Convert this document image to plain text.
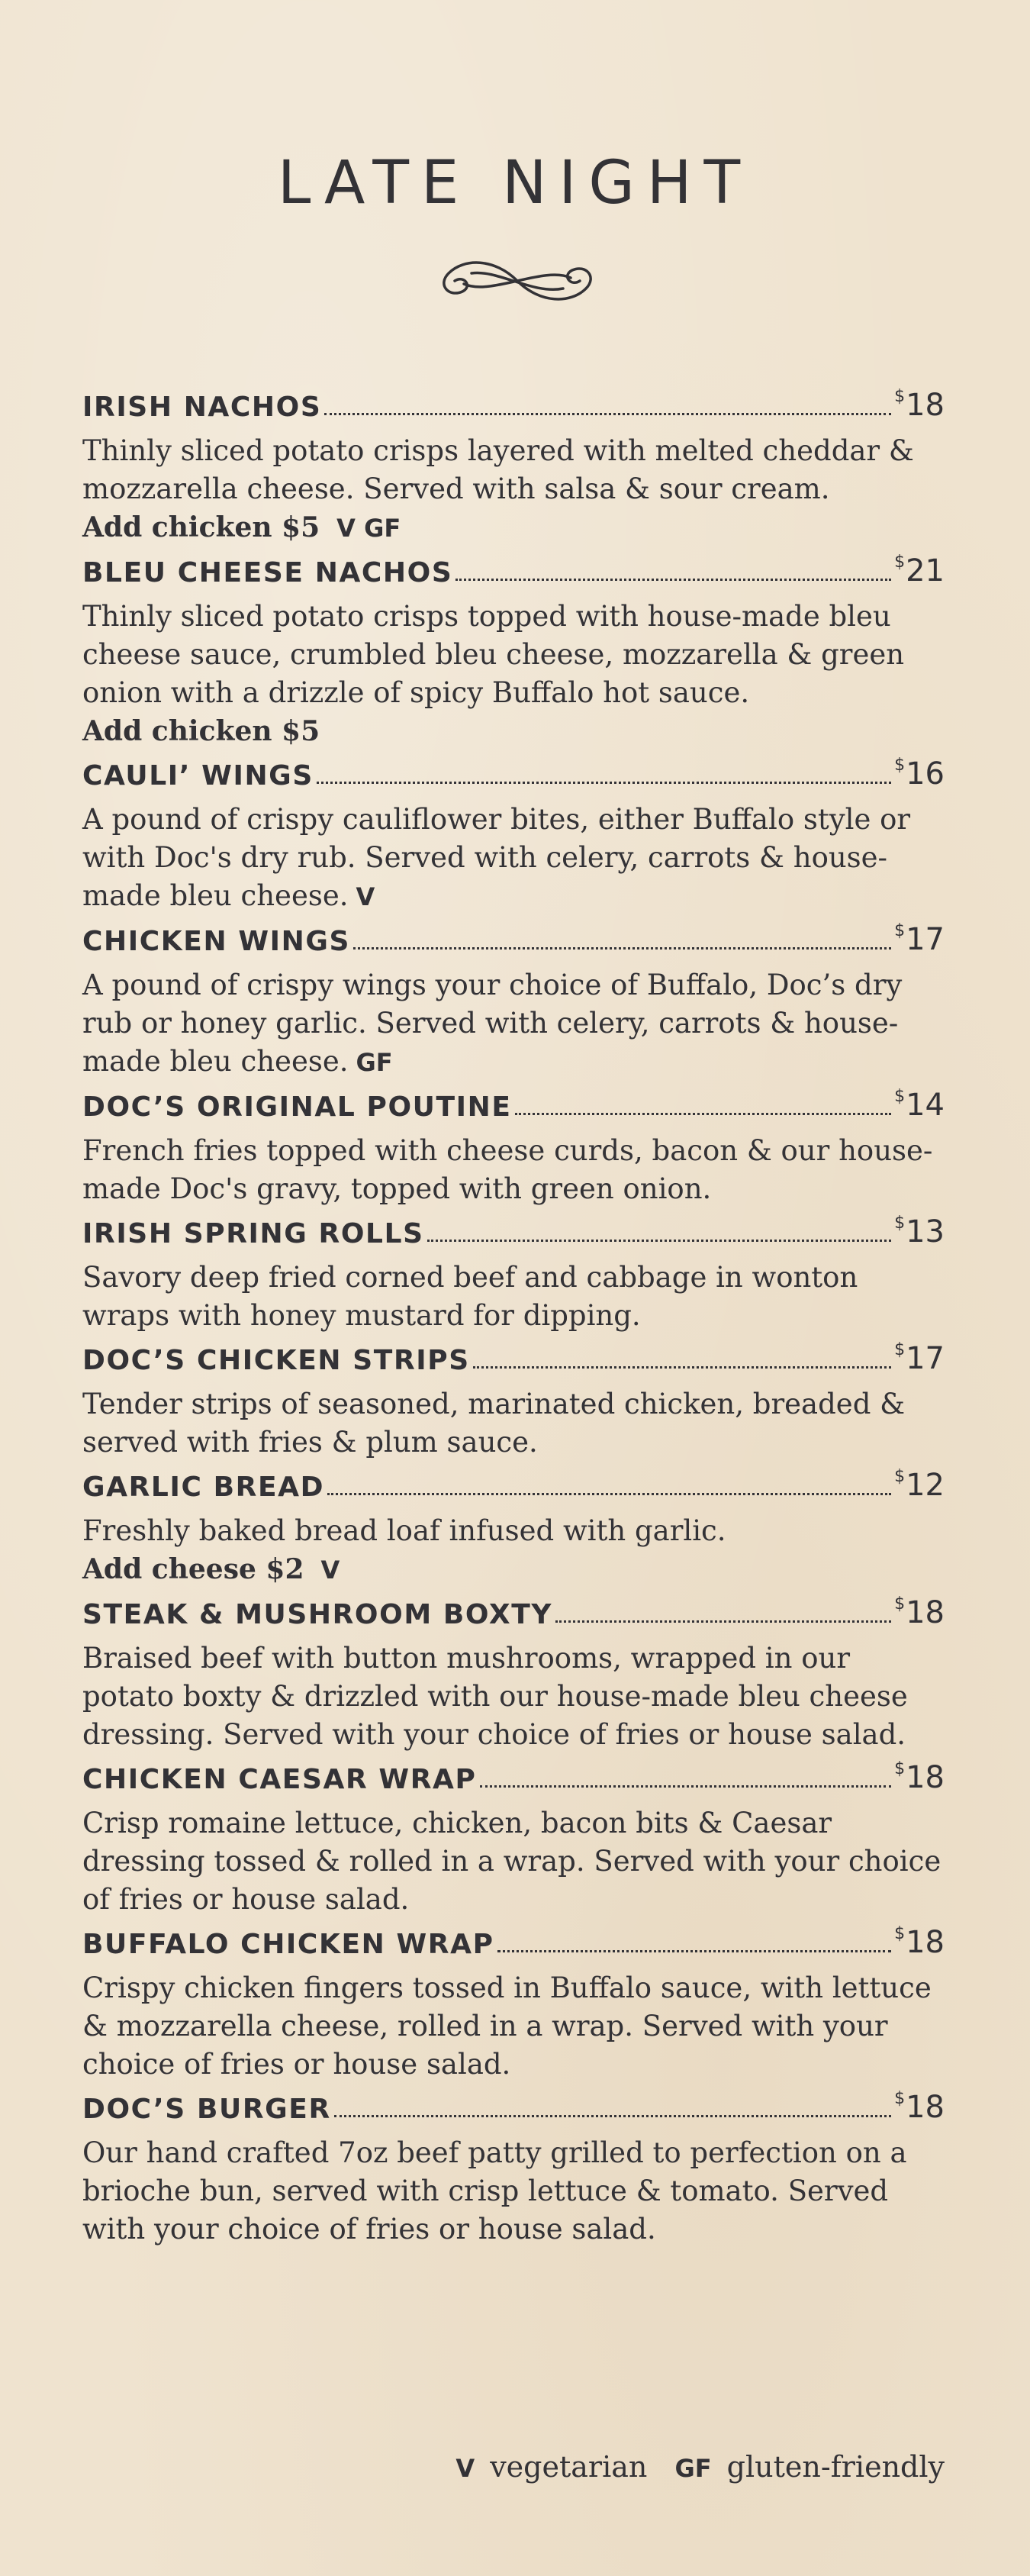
LATE NIGHT
IRISH NACHOS	$18
Thinly sliced potato crisps layered with melted cheddar & mozzarella cheese. Served with salsa & sour cream.
Add chicken $5 V GF
BLEU CHEESE NACHOS	$21
Thinly sliced potato crisps topped with house-made bleu cheese sauce, crumbled bleu cheese, mozzarella & green onion with a drizzle of spicy Buffalo hot sauce.
Add chicken $5
CAULI’ WINGS	$16
A pound of crispy cauliflower bites, either Buffalo style or with Doc's dry rub. Served with celery, carrots & house-made bleu cheese. V
CHICKEN WINGS	$17
A pound of crispy wings your choice of Buffalo, Doc’s dry rub or honey garlic. Served with celery, carrots & house-made bleu cheese. GF
DOC’S ORIGINAL POUTINE	$14
French fries topped with cheese curds, bacon & our house-made Doc's gravy, topped with green onion.
IRISH SPRING ROLLS	$13
Savory deep fried corned beef and cabbage in wonton wraps with honey mustard for dipping.
DOC’S CHICKEN STRIPS	$17
Tender strips of seasoned, marinated chicken, breaded & served with fries & plum sauce.
GARLIC BREAD	$12
Freshly baked bread loaf infused with garlic.
Add cheese $2 V
STEAK & MUSHROOM BOXTY	$18
Braised beef with button mushrooms, wrapped in our potato boxty & drizzled with our house-made bleu cheese dressing. Served with your choice of fries or house salad.
CHICKEN CAESAR WRAP	$18
Crisp romaine lettuce, chicken, bacon bits & Caesar dressing tossed & rolled in a wrap. Served with your choice of fries or house salad.
BUFFALO CHICKEN WRAP	$18
Crispy chicken fingers tossed in Buffalo sauce, with lettuce & mozzarella cheese, rolled in a wrap. Served with your choice of fries or house salad.
DOC’S BURGER	$18
Our hand crafted 7oz beef patty grilled to perfection on a brioche bun, served with crisp lettuce & tomato. Served with your choice of fries or house salad.
V vegetarian GF gluten-friendly
